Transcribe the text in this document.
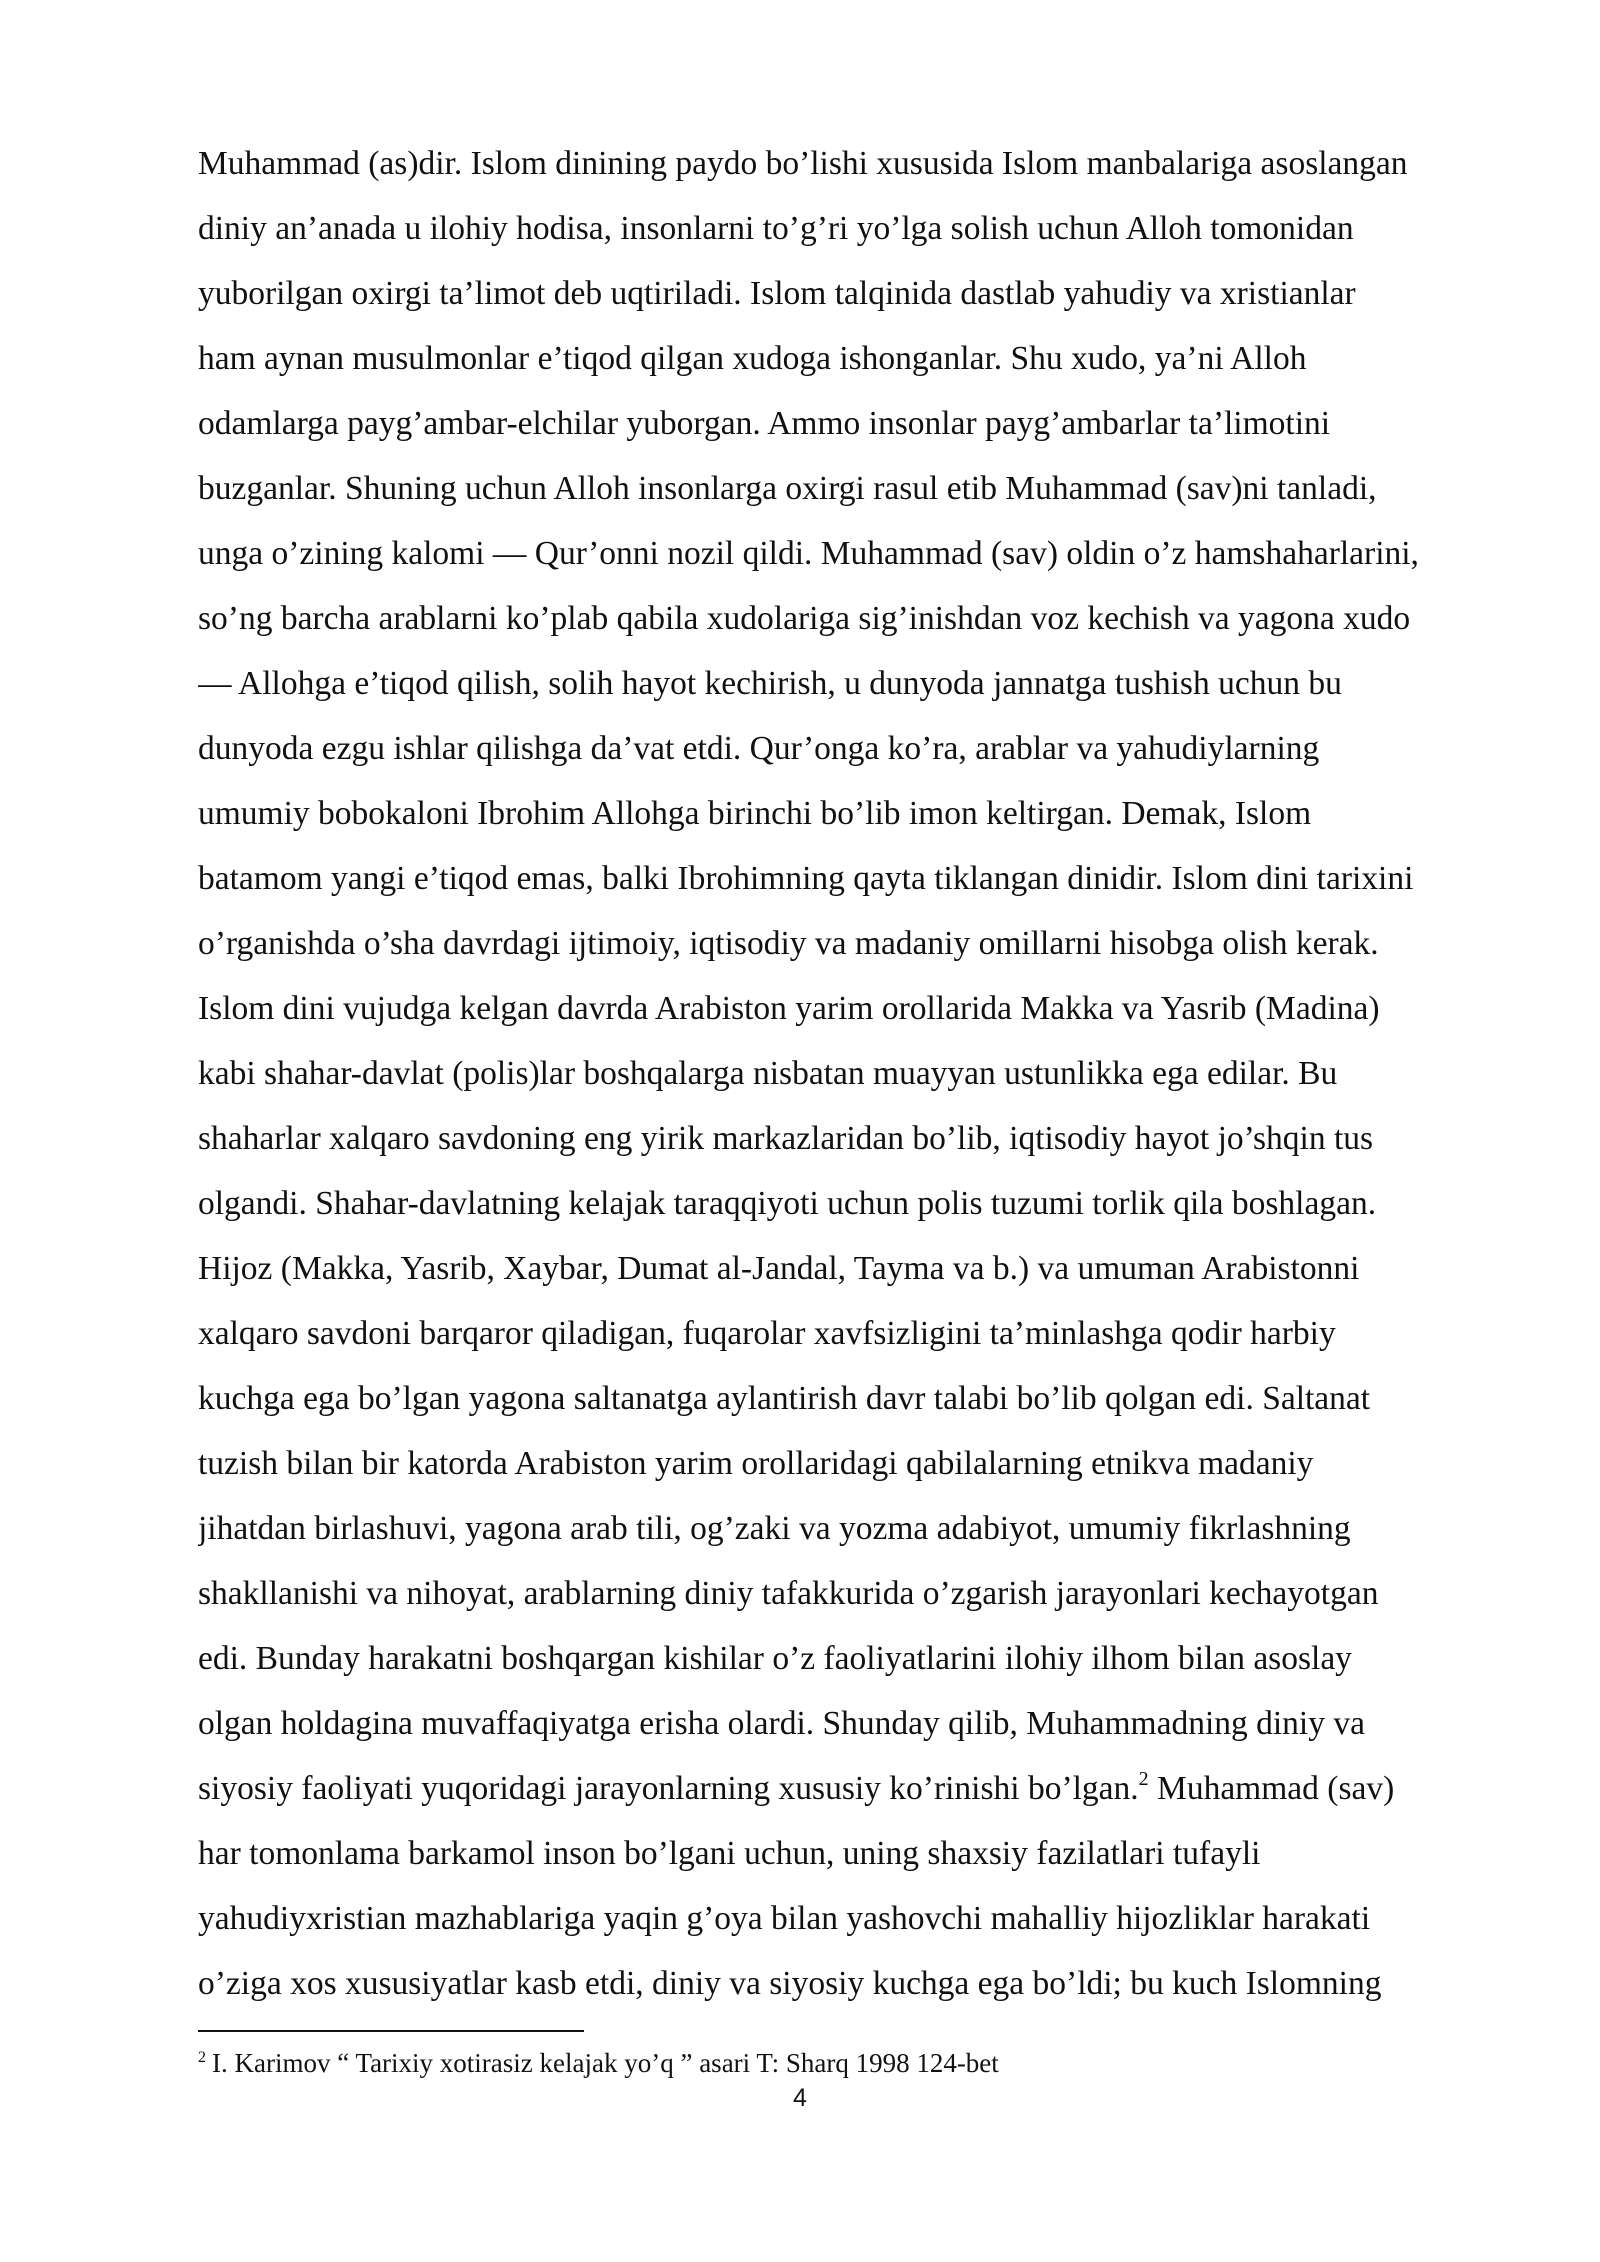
Muhammad (as)dir. Islom dinining paydo bo’lishi xususida Islom manbalariga asoslangan
diniy an’anada u ilohiy hodisa, insonlarni to’g’ri yo’lga solish uchun Alloh tomonidan
yuborilgan oxirgi ta’limot deb uqtiriladi. Islom talqinida dastlab yahudiy va xristianlar
ham aynan musulmonlar e’tiqod qilgan xudoga ishonganlar. Shu xudo, ya’ni Alloh
odamlarga payg’ambar-elchilar yuborgan. Ammo insonlar payg’ambarlar ta’limotini
buzganlar. Shuning uchun Alloh insonlarga oxirgi rasul etib Muhammad (sav)ni tanladi,
unga o’zining kalomi — Qur’onni nozil qildi. Muhammad (sav) oldin o’z hamshaharlarini,
so’ng barcha arablarni ko’plab qabila xudolariga sig’inishdan voz kechish va yagona xudo
— Allohga e’tiqod qilish, solih hayot kechirish, u dunyoda jannatga tushish uchun bu
dunyoda ezgu ishlar qilishga da’vat etdi. Qur’onga ko’ra, arablar va yahudiylarning
umumiy bobokaloni Ibrohim Allohga birinchi bo’lib imon keltirgan. Demak, Islom
batamom yangi e’tiqod emas, balki Ibrohimning qayta tiklangan dinidir. Islom dini tarixini
o’rganishda o’sha davrdagi ijtimoiy, iqtisodiy va madaniy omillarni hisobga olish kerak.
Islom dini vujudga kelgan davrda Arabiston yarim orollarida Makka va Yasrib (Madina)
kabi shahar-davlat (polis)lar boshqalarga nisbatan muayyan ustunlikka ega edilar. Bu
shaharlar xalqaro savdoning eng yirik markazlaridan bo’lib, iqtisodiy hayot jo’shqin tus
olgandi. Shahar-davlatning kelajak taraqqiyoti uchun polis tuzumi torlik qila boshlagan.
Hijoz (Makka, Yasrib, Xaybar, Dumat al-Jandal, Tayma va b.) va umuman Arabistonni
xalqaro savdoni barqaror qiladigan, fuqarolar xavfsizligini ta’minlashga qodir harbiy
kuchga ega bo’lgan yagona saltanatga aylantirish davr talabi bo’lib qolgan edi. Saltanat
tuzish bilan bir katorda Arabiston yarim orollaridagi qabilalarning etnikva madaniy
jihatdan birlashuvi, yagona arab tili, og’zaki va yozma adabiyot, umumiy fikrlashning
shakllanishi va nihoyat, arablarning diniy tafakkurida o’zgarish jarayonlari kechayotgan
edi. Bunday harakatni boshqargan kishilar o’z faoliyatlarini ilohiy ilhom bilan asoslay
olgan holdagina muvaffaqiyatga erisha olardi. Shunday qilib, Muhammadning diniy va
siyosiy faoliyati yuqoridagi jarayonlarning xususiy ko’rinishi bo’lgan.$^2$ Muhammad (sav)
har tomonlama barkamol inson bo’lgani uchun, uning shaxsiy fazilatlari tufayli
yahudiyxristian mazhablariga yaqin g’oya bilan yashovchi mahalliy hijozliklar harakati
o’ziga xos xususiyatlar kasb etdi, diniy va siyosiy kuchga ega bo’ldi; bu kuch Islomning
$^2$ I. Karimov “ Tarixiy xotirasiz kelajak yo’q ” asari T: Sharq 1998 124-bet
4
